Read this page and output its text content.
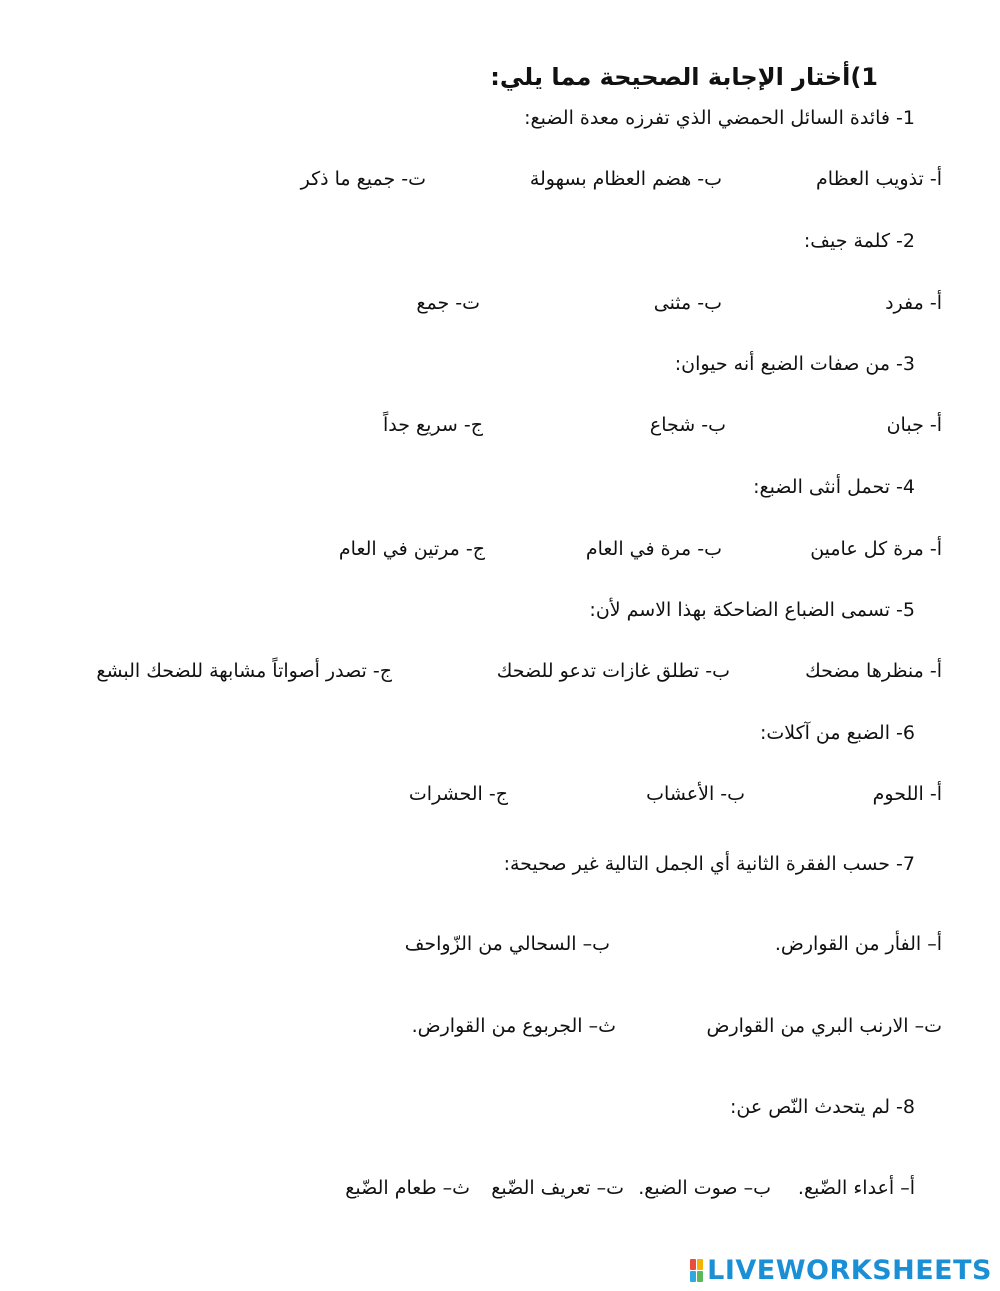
1)أختار الإجابة الصحيحة مما يلي:
1- فائدة السائل الحمضي الذي تفرزه معدة الضبع:
أ- تذويب العظام
ب- هضم العظام بسهولة
ت- جميع ما ذكر
2- كلمة جيف:
أ- مفرد
ب- مثنى
ت- جمع
3- من صفات الضبع أنه حيوان:
أ- جبان
ب- شجاع
ج- سريع جداً
4- تحمل أنثى الضبع:
أ- مرة كل عامين
ب- مرة في العام
ج- مرتين في العام
5- تسمى الضباع الضاحكة بهذا الاسم لأن:
أ- منظرها مضحك
ب- تطلق غازات تدعو للضحك
ج- تصدر أصواتاً مشابهة للضحك البشع
6- الضبع من آكلات:
أ- اللحوم
ب- الأعشاب
ج- الحشرات
7- حسب الفقرة الثانية أي الجمل التالية غير صحيحة:
أ– الفأر من القوارض.
ب– السحالي من الزّواحف
ت– الارنب البري من القوارض
ث– الجربوع من القوارض.
8- لم يتحدث النّص عن:
أ– أعداء الضّبع.
ب– صوت الضبع.
ت– تعريف الضّبع
ث– طعام الضّبع
LIVEWORKSHEETS
